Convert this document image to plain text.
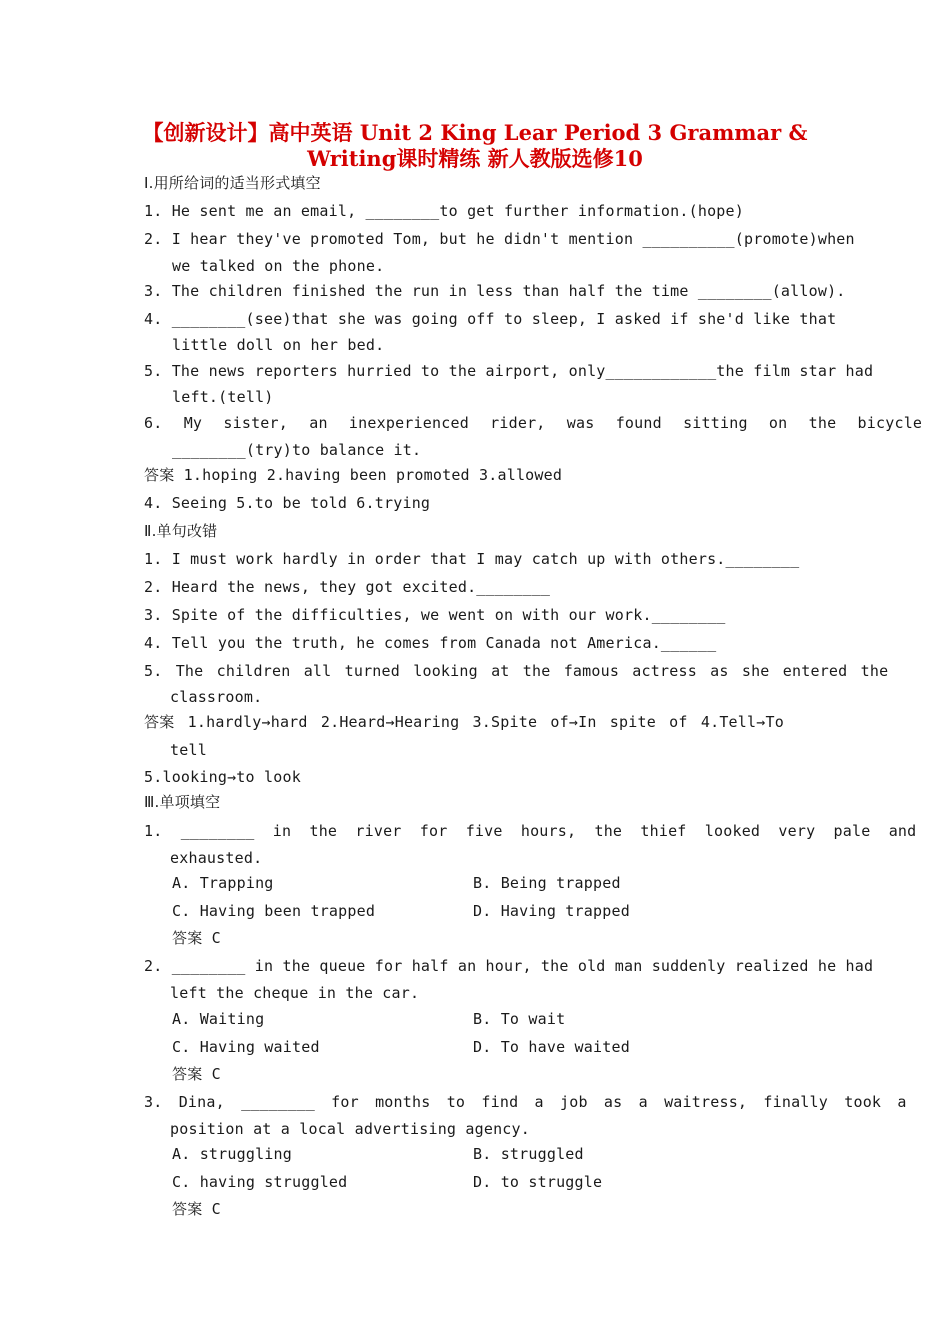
【创新设计】高中英语 Unit 2 King Lear Period 3 Grammar &
Writing课时精练 新人教版选修10
Ⅰ.用所给词的适当形式填空
1. He sent me an email, ________to get further information.(hope)
2. I hear they've promoted Tom, but he didn't mention __________(promote)when
we talked on the phone.
3. The children finished the run in less than half the time ________(allow).
4. ________(see)that she was going off to sleep, I asked if she'd like that
little doll on her bed.
5. The news reporters hurried to the airport, only____________the film star had
left.(tell)
6. My sister, an inexperienced rider, was found sitting on the bicycle
________(try)to balance it.
答案 1.hoping 2.having been promoted 3.allowed
4. Seeing 5.to be told 6.trying
Ⅱ.单句改错
1. I must work hardly in order that I may catch up with others.________
2. Heard the news, they got excited.________
3. Spite of the difficulties, we went on with our work.________
4. Tell you the truth, he comes from Canada not America.______
5. The children all turned looking at the famous actress as she entered the
classroom.
答案 1.hardly→hard 2.Heard→Hearing 3.Spite of→In spite of 4.Tell→To
tell
5.looking→to look
Ⅲ.单项填空
1. ________ in the river for five hours, the thief looked very pale and
exhausted.
A. Trapping	B. Being trapped
C. Having been trapped	D. Having trapped
答案 C
2. ________ in the queue for half an hour, the old man suddenly realized he had
left the cheque in the car.
A. Waiting	B. To wait
C. Having waited	D. To have waited
答案 C
3. Dina, ________ for months to find a job as a waitress, finally took a
position at a local advertising agency.
A. struggling	B. struggled
C. having struggled	D. to struggle
答案 C
